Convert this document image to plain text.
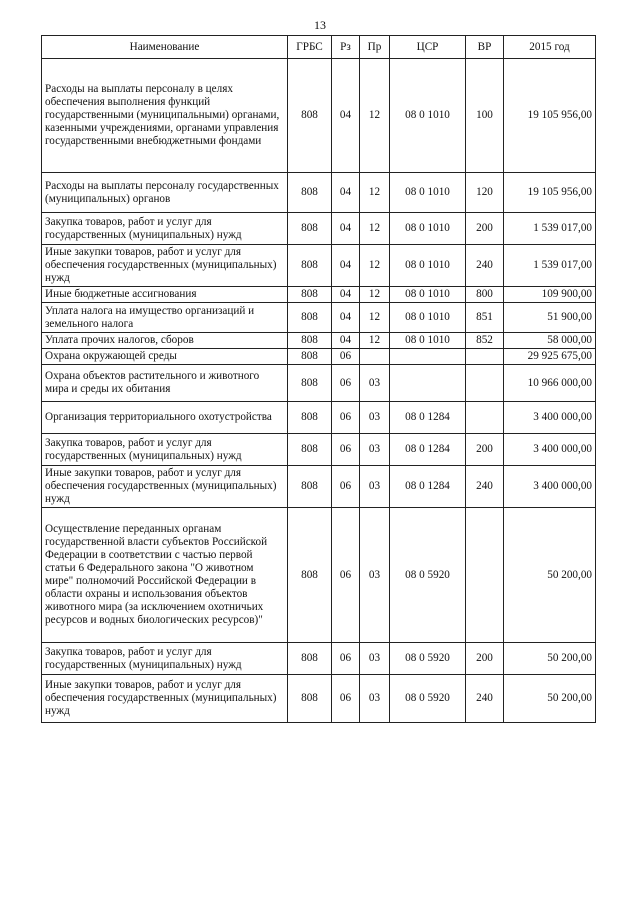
13
Наименование	ГРБС	Рз	Пр	ЦСР	ВР	2015 год
Расходы на выплаты персоналу в целях обеспечения выполнения функций государственными (муниципальными) органами, казенными учреждениями, органами управления государственными внебюджетными фондами	808	04	12	08 0 1010	100	19 105 956,00
Расходы на выплаты персоналу государственных (муниципальных) органов	808	04	12	08 0 1010	120	19 105 956,00
Закупка товаров, работ и услуг для государственных (муниципальных) нужд	808	04	12	08 0 1010	200	1 539 017,00
Иные закупки товаров, работ и услуг для обеспечения государственных (муниципальных) нужд	808	04	12	08 0 1010	240	1 539 017,00
Иные бюджетные ассигнования	808	04	12	08 0 1010	800	109 900,00
Уплата налога на имущество организаций и земельного налога	808	04	12	08 0 1010	851	51 900,00
Уплата прочих налогов, сборов	808	04	12	08 0 1010	852	58 000,00
Охрана окружающей среды	808	06				29 925 675,00
Охрана объектов растительного и животного мира и среды их обитания	808	06	03			10 966 000,00
Организация территориального охотустройства	808	06	03	08 0 1284		3 400 000,00
Закупка товаров, работ и услуг для государственных (муниципальных) нужд	808	06	03	08 0 1284	200	3 400 000,00
Иные закупки товаров, работ и услуг для обеспечения государственных (муниципальных) нужд	808	06	03	08 0 1284	240	3 400 000,00
Осуществление переданных органам государственной власти субъектов Российской Федерации в соответствии с частью первой статьи 6 Федерального закона "О животном мире" полномочий Российской Федерации в области охраны и использования объектов животного мира (за исключением охотничьих ресурсов и водных биологических ресурсов)"	808	06	03	08 0 5920		50 200,00
Закупка товаров, работ и услуг для государственных (муниципальных) нужд	808	06	03	08 0 5920	200	50 200,00
Иные закупки товаров, работ и услуг для обеспечения государственных (муниципальных) нужд	808	06	03	08 0 5920	240	50 200,00
